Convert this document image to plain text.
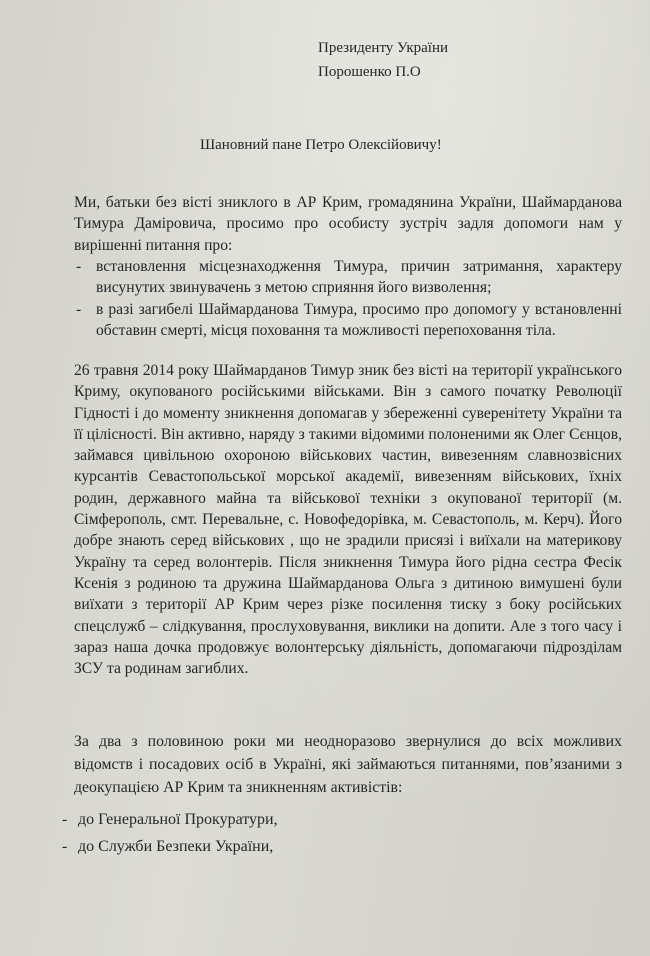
Президенту України
Порошенко П.О
Шановний пане Петро Олексійовичу!

Ми, батьки без вісті зниклого в АР Крим, громадянина України, Шаймарданова Тимура Даміровича, просимо про особисту зустріч задля допомоги нам у вирішенні питання про:

- встановлення місцезнаходження Тимура, причин затримання, характеру висунутих звинувачень з метою сприяння його визволення;
- в разі загибелі Шаймарданова Тимура, просимо про допомогу у встановленні обставин смерті, місця поховання та можливості перепоховання тіла.

26 травня 2014 року Шаймарданов Тимур зник без вісті на території українського Криму, окупованого російськими військами. Він з самого початку Революції Гідності і до моменту зникнення допомагав у збереженні суверенітету України та її цілісності. Він активно, наряду з такими відомими полоненими як Олег Сєнцов, займався цивільною охороною військових частин, вивезенням славнозвісних курсантів Севастопольської морської академії, вивезенням військових, їхніх родин, державного майна та військової техніки з окупованої території (м. Сімферополь, смт. Перевальне, с. Новофедорівка, м. Севастополь, м. Керч). Його добре знають серед військових , що не зрадили присязі і виїхали на материкову Україну та серед волонтерів. Після зникнення Тимура його рідна сестра Фесік Ксенія з родиною та дружина Шаймарданова Ольга з дитиною вимушені були виїхати з території АР Крим через різке посилення тиску з боку російських спецслужб – слідкування, прослуховування, виклики на допити. Але з того часу і зараз наша дочка продовжує волонтерську діяльність, допомагаючи підрозділам ЗСУ та родинам загиблих.

За два з половиною роки ми неодноразово звернулися до всіх можливих відомств і посадових осіб в Україні, які займаються питаннями, пов’язаними з деокупацією АР Крим та зникненням активістів:

- до Генеральної Прокуратури,
- до Служби Безпеки України,
